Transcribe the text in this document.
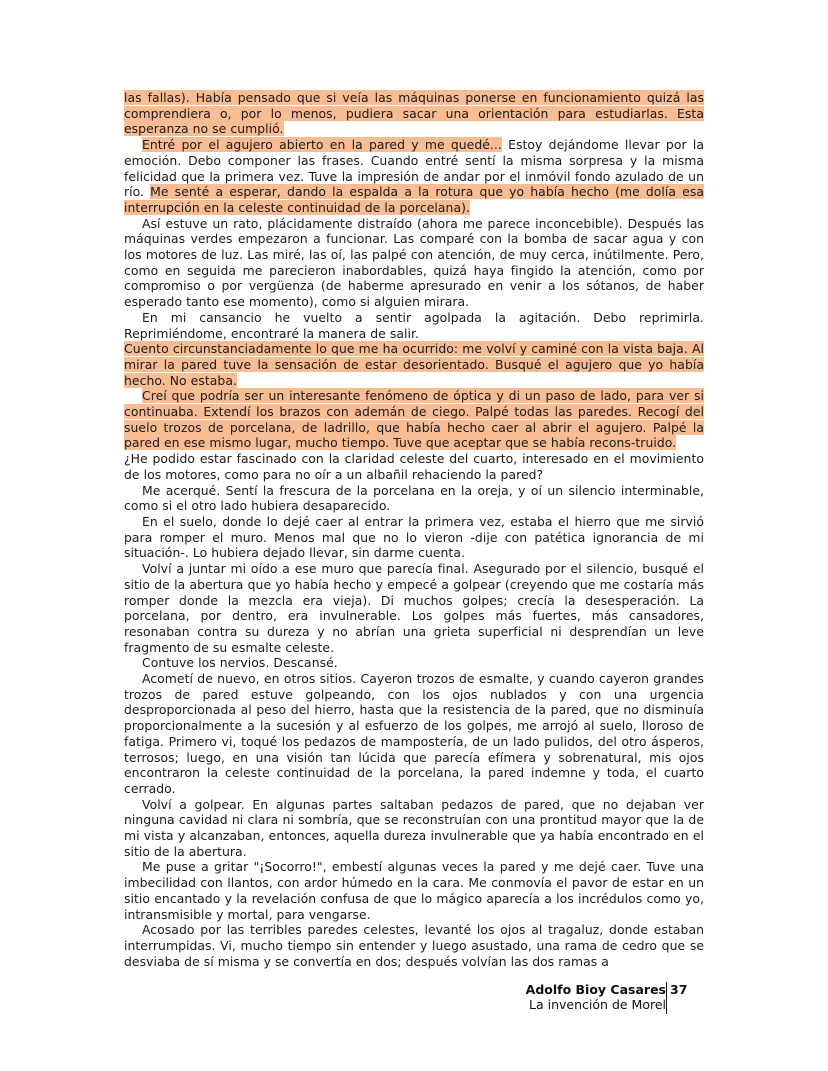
las fallas). Había pensado que si veía las máquinas ponerse en funcionamiento quizá las comprendiera o, por lo menos, pudiera sacar una orientación para estudiarlas. Esta esperanza no se cumplió.

Entré por el agujero abierto en la pared y me quedé... Estoy dejándome llevar por la emoción. Debo componer las frases. Cuando entré sentí la misma sorpresa y la misma felicidad que la primera vez. Tuve la impresión de andar por el inmóvil fondo azulado de un río. Me senté a esperar, dando la espalda a la rotura que yo había hecho (me dolía esa interrupción en la celeste continuidad de la porcelana).

Así estuve un rato, plácidamente distraído (ahora me parece inconcebible). Después las máquinas verdes empezaron a funcionar. Las comparé con la bomba de sacar agua y con los motores de luz. Las miré, las oí, las palpé con atención, de muy cerca, inútilmente. Pero, como en seguida me parecieron inabordables, quizá haya fingido la atención, como por compromiso o por vergüenza (de haberme apresurado en venir a los sótanos, de haber esperado tanto ese momento), como si alguien mirara.

En mi cansancio he vuelto a sentir agolpada la agitación. Debo reprimirla. Reprimiéndome, encontraré la manera de salir.

Cuento circunstanciadamente lo que me ha ocurrido: me volví y caminé con la vista baja. Al mirar la pared tuve la sensación de estar desorientado. Busqué el agujero que yo había hecho. No estaba.

Creí que podría ser un interesante fenómeno de óptica y di un paso de lado, para ver si continuaba. Extendí los brazos con ademán de ciego. Palpé todas las paredes. Recogí del suelo trozos de porcelana, de ladrillo, que había hecho caer al abrir el agujero. Palpé la pared en ese mismo lugar, mucho tiempo. Tuve que aceptar que se había recons-truido.

¿He podido estar fascinado con la claridad celeste del cuarto, interesado en el movimiento de los motores, como para no oír a un albañil rehaciendo la pared?

Me acerqué. Sentí la frescura de la porcelana en la oreja, y oí un silencio interminable, como si el otro lado hubiera desaparecido.

En el suelo, donde lo dejé caer al entrar la primera vez, estaba el hierro que me sirvió para romper el muro. Menos mal que no lo vieron -dije con patética ignorancia de mi situación-. Lo hubiera dejado llevar, sin darme cuenta.

Volví a juntar mi oído a ese muro que parecía final. Asegurado por el silencio, busqué el sitio de la abertura que yo había hecho y empecé a golpear (creyendo que me costaría más romper donde la mezcla era vieja). Di muchos golpes; crecía la desesperación. La porcelana, por dentro, era invulnerable. Los golpes más fuertes, más cansadores, resonaban contra su dureza y no abrían una grieta superficial ni desprendían un leve fragmento de su esmalte celeste.

Contuve los nervios. Descansé.

Acometí de nuevo, en otros sitios. Cayeron trozos de esmalte, y cuando cayeron grandes trozos de pared estuve golpeando, con los ojos nublados y con una urgencia desproporcionada al peso del hierro, hasta que la resistencia de la pared, que no disminuía proporcionalmente a la sucesión y al esfuerzo de los golpes, me arrojó al suelo, lloroso de fatiga. Primero vi, toqué los pedazos de mampostería, de un lado pulidos, del otro ásperos, terrosos; luego, en una visión tan lúcida que parecía efímera y sobrenatural, mis ojos encontraron la celeste continuidad de la porcelana, la pared indemne y toda, el cuarto cerrado.

Volví a golpear. En algunas partes saltaban pedazos de pared, que no dejaban ver ninguna cavidad ni clara ni sombría, que se reconstruían con una prontitud mayor que la de mi vista y alcanzaban, entonces, aquella dureza invulnerable que ya había encontrado en el sitio de la abertura.

Me puse a gritar "¡Socorro!", embestí algunas veces la pared y me dejé caer. Tuve una imbecilidad con llantos, con ardor húmedo en la cara. Me conmovía el pavor de estar en un sitio encantado y la revelación confusa de que lo mágico aparecía a los incrédulos como yo, intransmisible y mortal, para vengarse.

Acosado por las terribles paredes celestes, levanté los ojos al tragaluz, donde estaban interrumpidas. Vi, mucho tiempo sin entender y luego asustado, una rama de cedro que se desviaba de sí misma y se convertía en dos; después volvían las dos ramas a

Adolfo Bioy Casares
La invención de Morel
37
